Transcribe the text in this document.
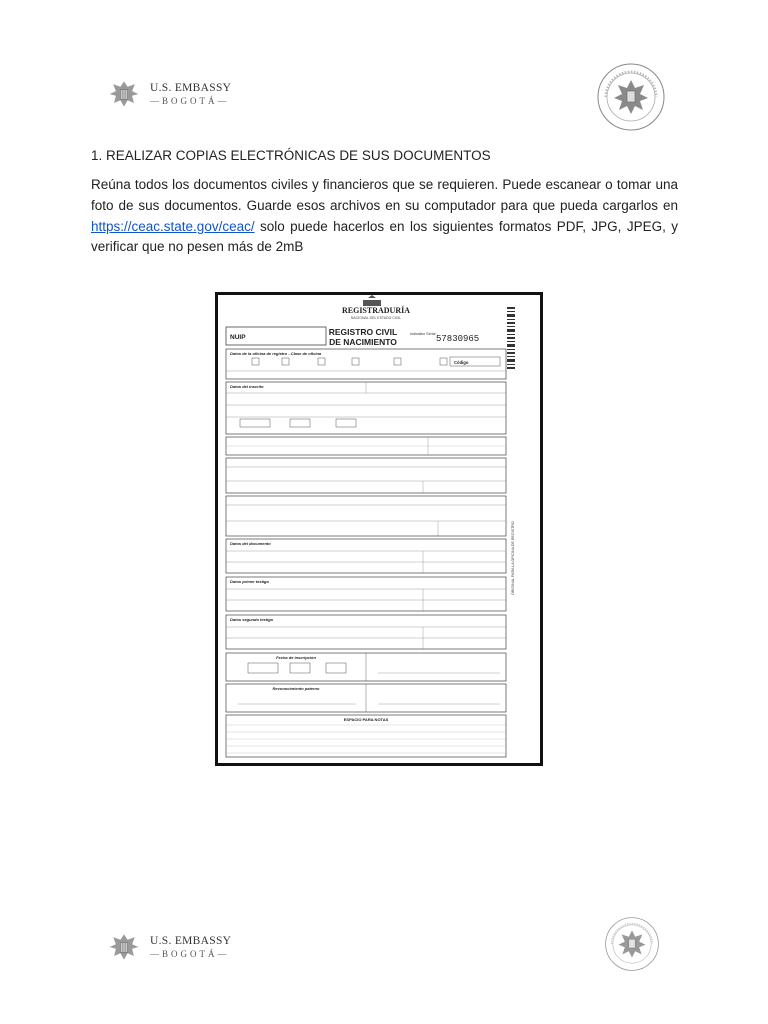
U.S. EMBASSY
—BOGOTÁ—
1. REALIZAR COPIAS ELECTRÓNICAS DE SUS DOCUMENTOS
Reúna todos los documentos civiles y financieros que se requieren. Puede escanear o tomar una foto de sus documentos. Guarde esos archivos en su computador para que pueda cargarlos en https://ceac.state.gov/ceac/ solo puede hacerlos en los siguientes formatos PDF, JPG, JPEG, y verificar que no pesen más de 2mB
REGISTRADURÍA
NACIONAL DEL ESTADO CIVIL
NUIP
REGISTRO CIVIL
DE NACIMIENTO
Indicativo Serial 57830965
ORIGINAL PARA LA OFICINA DE REGISTRO
Datos de la oficina de registro - Clase de oficina
Código
Datos del inscrito
Datos del documento
Datos primer testigo
Datos segundo testigo
Fecha de inscripción
Reconocimiento paterno
ESPACIO PARA NOTAS
U.S. EMBASSY
—BOGOTÁ—
